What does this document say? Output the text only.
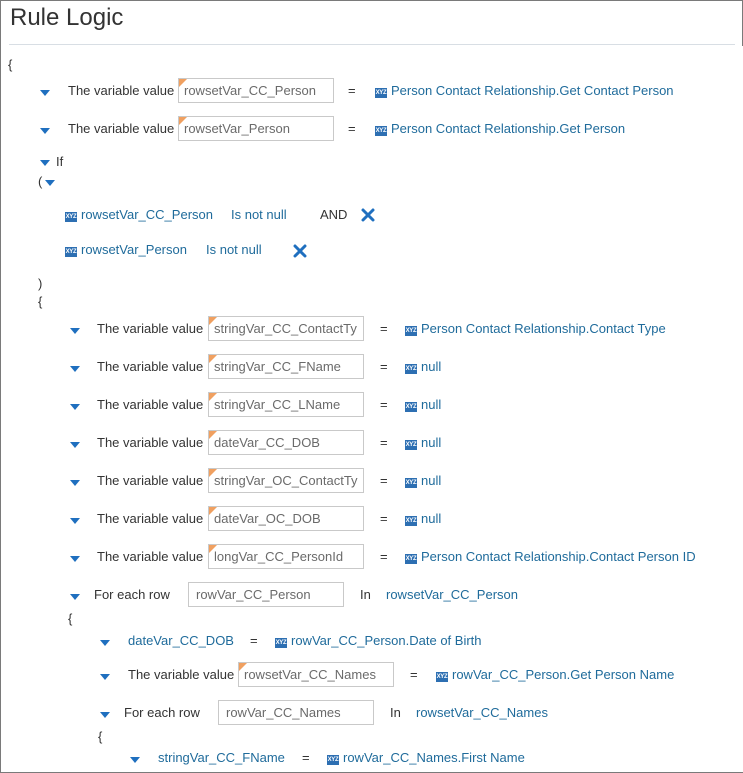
Rule Logic
{
The variable value rowsetVar_CC_Person	=	XYZ Person Contact Relationship.Get Contact Person
The variable value rowsetVar_Person	=	XYZ Person Contact Relationship.Get Person
If
(
XYZ rowsetVar_CC_Person Is not null	AND
XYZ rowsetVar_Person Is not null
)
{
The variable value stringVar_CC_ContactTy	=	XYZ Person Contact Relationship.Contact Type
The variable value stringVar_CC_FName	=	XYZ null
The variable value stringVar_CC_LName	=	XYZ null
The variable value dateVar_CC_DOB	=	XYZ null
The variable value stringVar_OC_ContactTy	=	XYZ null
The variable value dateVar_OC_DOB	=	XYZ null
The variable value longVar_CC_PersonId	=	XYZ Person Contact Relationship.Contact Person ID
For each row	rowVar_CC_Person	In rowsetVar_CC_Person
{
dateVar_CC_DOB =	XYZ rowVar_CC_Person.Date of Birth
The variable value rowsetVar_CC_Names	=	XYZ rowVar_CC_Person.Get Person Name
For each row	rowVar_CC_Names	In rowsetVar_CC_Names
{
stringVar_CC_FName =	XYZ rowVar_CC_Names.First Name
